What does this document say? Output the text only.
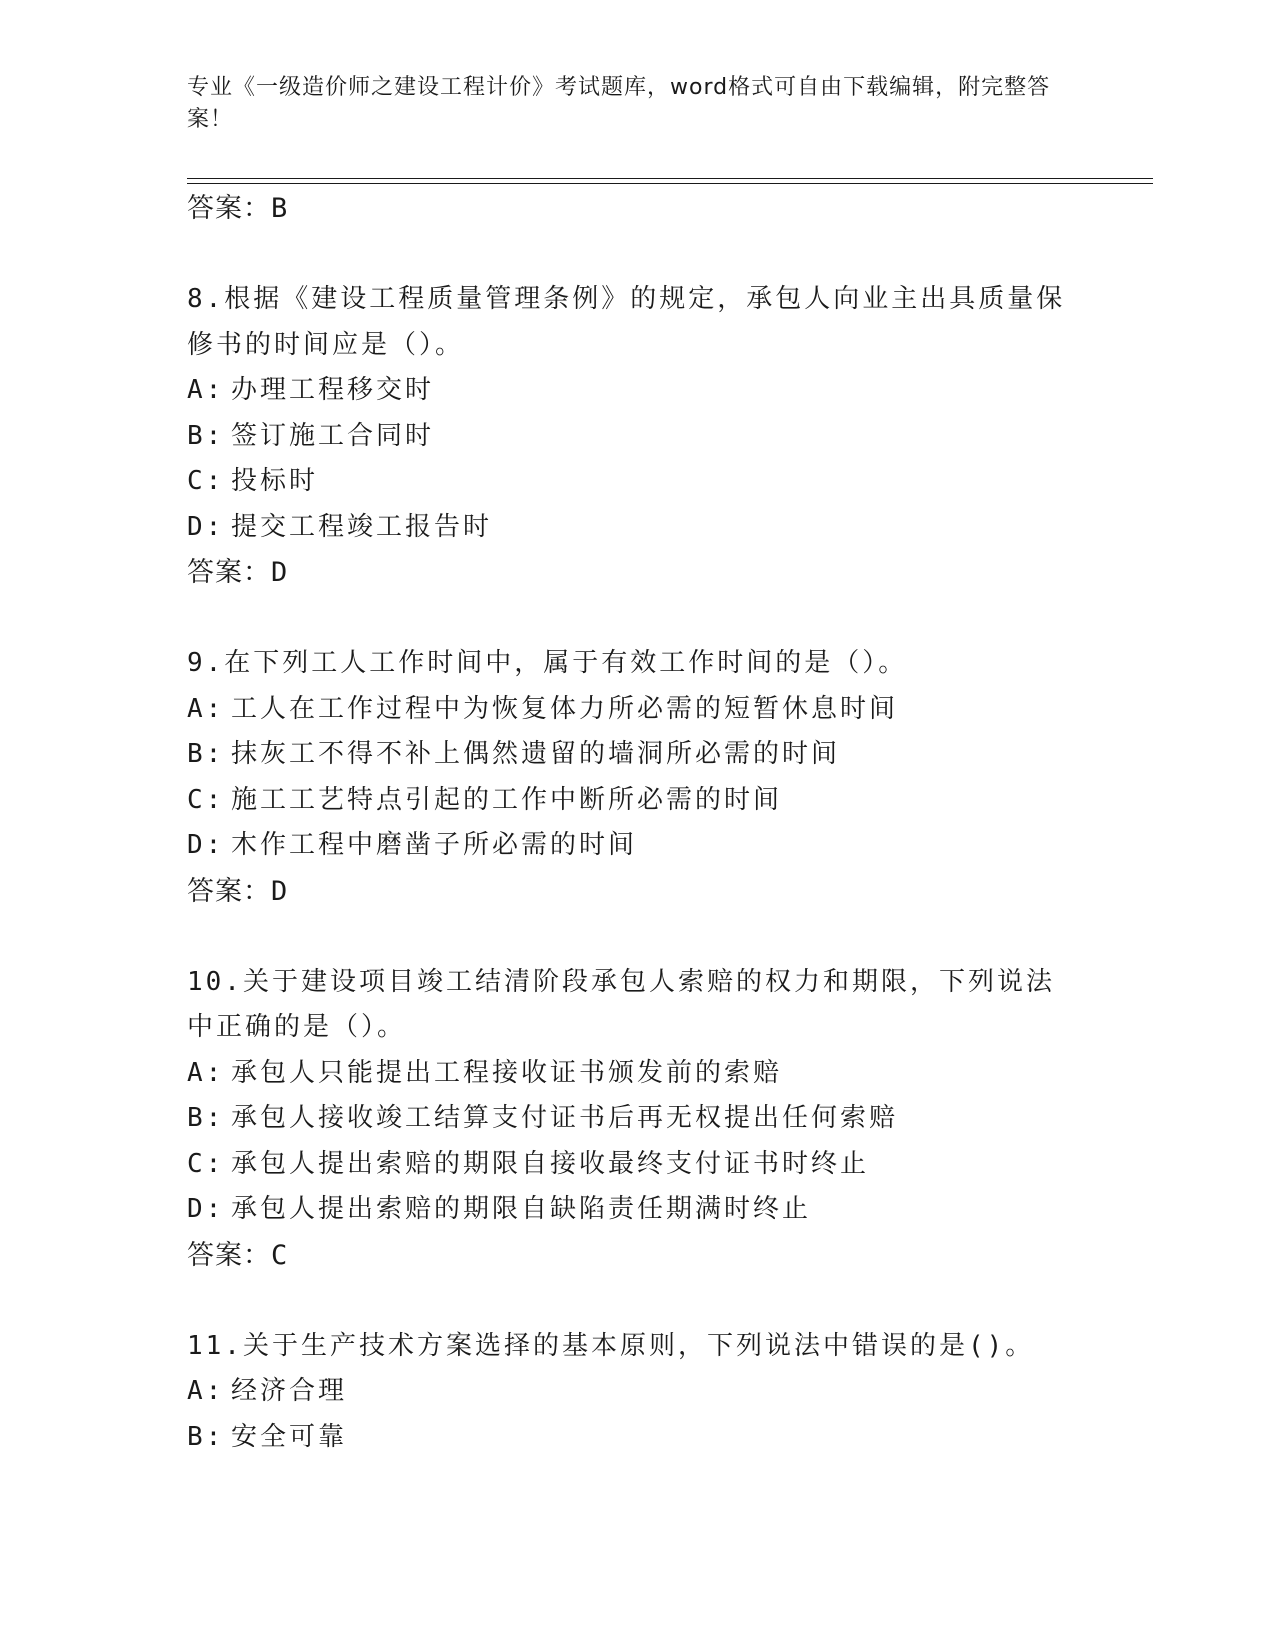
专业《一级造价师之建设工程计价》考试题库，word格式可自由下载编辑，附完整答案！
答案：B
8.根据《建设工程质量管理条例》的规定，承包人向业主出具质量保修书的时间应是（）。
A: 办理工程移交时
B: 签订施工合同时
C: 投标时
D: 提交工程竣工报告时
答案：D
9.在下列工人工作时间中，属于有效工作时间的是（）。
A: 工人在工作过程中为恢复体力所必需的短暂休息时间
B: 抹灰工不得不补上偶然遗留的墙洞所必需的时间
C: 施工工艺特点引起的工作中断所必需的时间
D: 木作工程中磨凿子所必需的时间
答案：D
10.关于建设项目竣工结清阶段承包人索赔的权力和期限，下列说法中正确的是（）。
A: 承包人只能提出工程接收证书颁发前的索赔
B: 承包人接收竣工结算支付证书后再无权提出任何索赔
C: 承包人提出索赔的期限自接收最终支付证书时终止
D: 承包人提出索赔的期限自缺陷责任期满时终止
答案：C
11.关于生产技术方案选择的基本原则，下列说法中错误的是()。
A: 经济合理
B: 安全可靠
